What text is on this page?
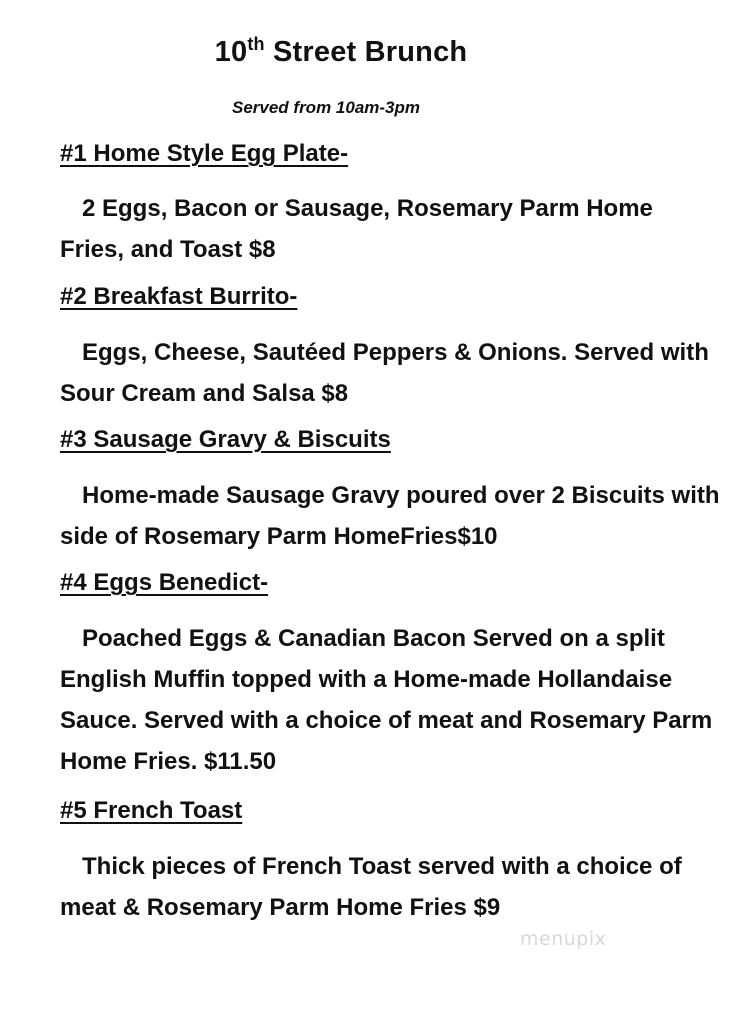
10th Street Brunch
Served from 10am-3pm
#1 Home Style Egg Plate-
2 Eggs, Bacon or Sausage, Rosemary Parm Home Fries, and Toast $8
#2 Breakfast Burrito-
Eggs, Cheese, Sautéed Peppers & Onions. Served with Sour Cream and Salsa $8
#3 Sausage Gravy & Biscuits
Home-made Sausage Gravy poured over 2 Biscuits with side of Rosemary Parm HomeFries$10
#4 Eggs Benedict-
Poached Eggs & Canadian Bacon Served on a split English Muffin topped with a Home-made Hollandaise Sauce. Served with a choice of meat and Rosemary Parm Home Fries. $11.50
#5 French Toast
Thick pieces of French Toast served with a choice of meat & Rosemary Parm Home Fries $9
menupix
